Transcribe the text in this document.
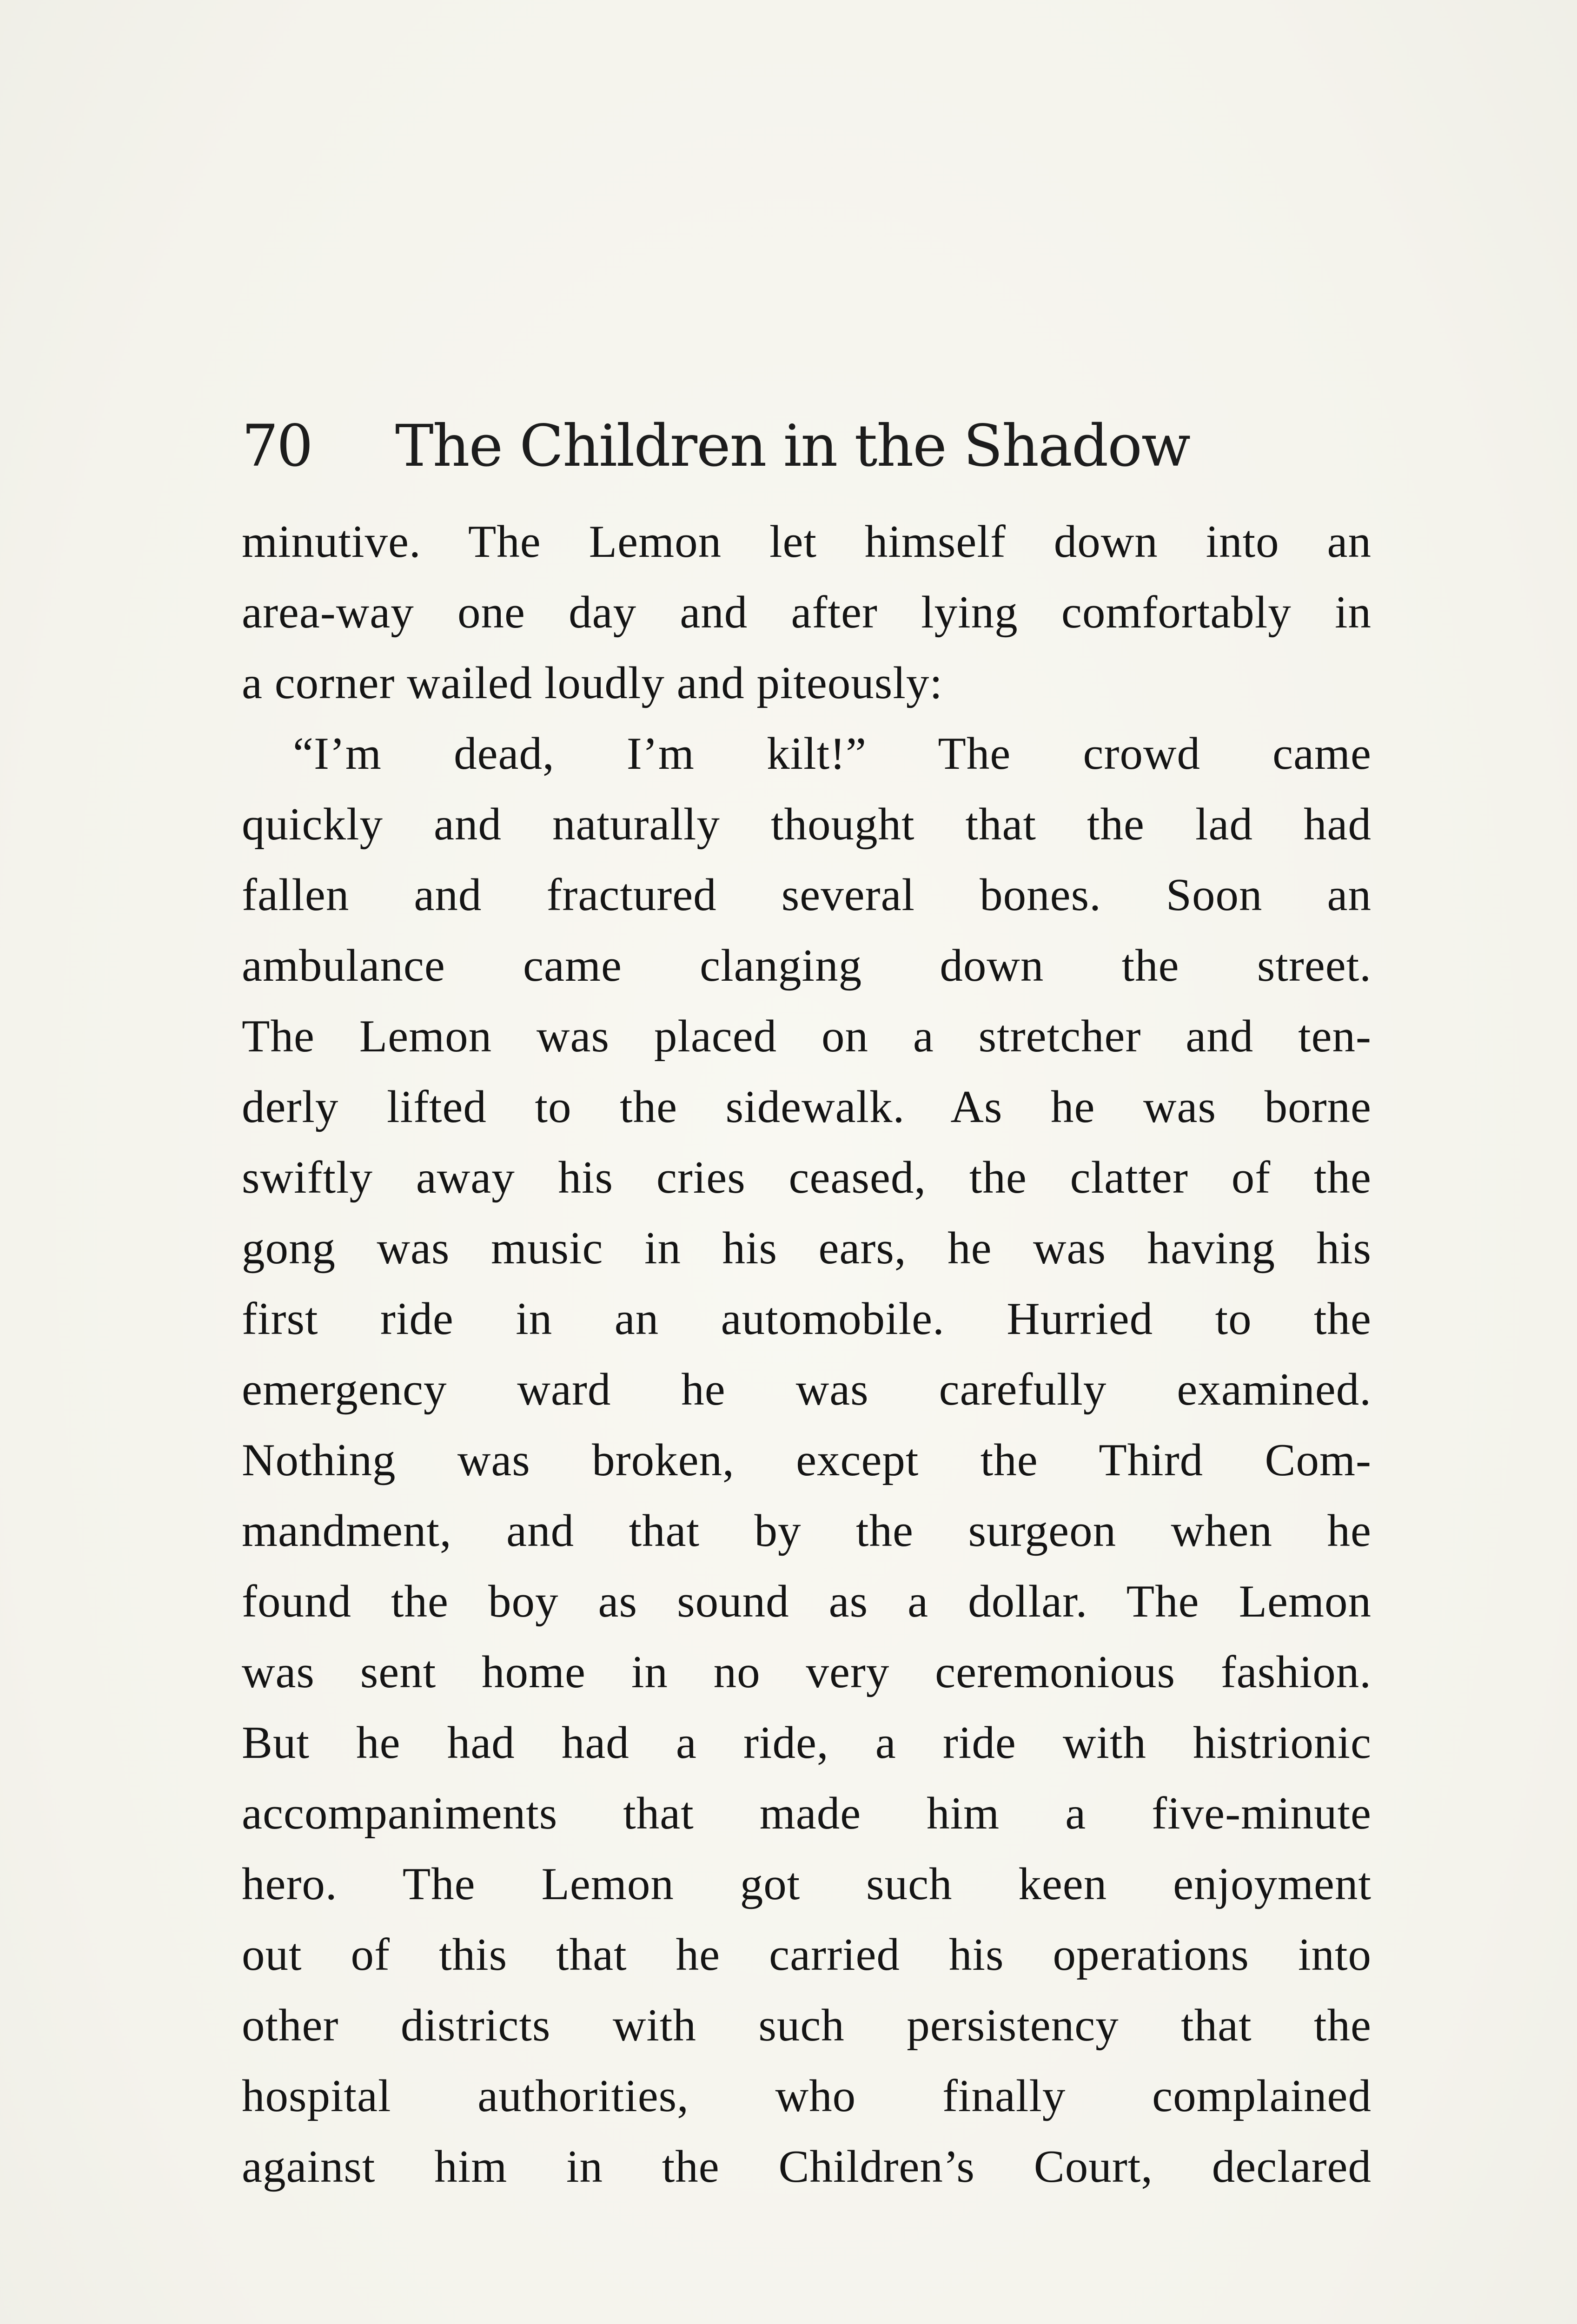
70 The Children in the Shadow
minutive. The Lemon let himself down into an
area-way one day and after lying comfortably in
a corner wailed loudly and piteously:
“I’m dead, I’m kilt!” The crowd came
quickly and naturally thought that the lad had
fallen and fractured several bones. Soon an
ambulance came clanging down the street.
The Lemon was placed on a stretcher and ten-
derly lifted to the sidewalk. As he was borne
swiftly away his cries ceased, the clatter of the
gong was music in his ears, he was having his
first ride in an automobile. Hurried to the
emergency ward he was carefully examined.
Nothing was broken, except the Third Com-
mandment, and that by the surgeon when he
found the boy as sound as a dollar. The Lemon
was sent home in no very ceremonious fashion.
But he had had a ride, a ride with histrionic
accompaniments that made him a five-minute
hero. The Lemon got such keen enjoyment
out of this that he carried his operations into
other districts with such persistency that the
hospital authorities, who finally complained
against him in the Children’s Court, declared
